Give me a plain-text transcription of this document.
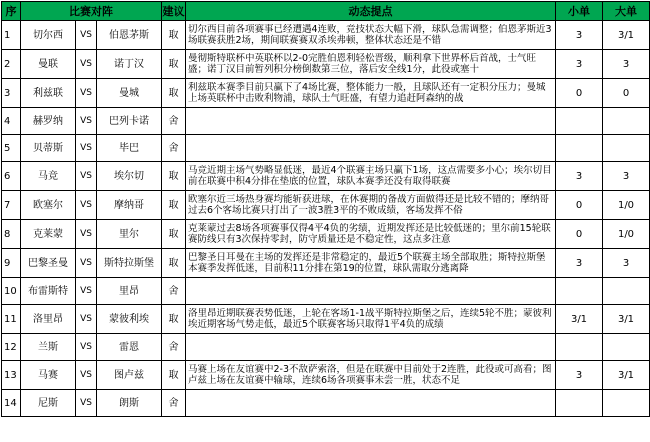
序	比赛对阵			建议	动态提点	小单	大单
1	切尔西	VS	伯恩茅斯	取	切尔西目前各项赛事已经遭遇4连败，竞技状态大幅下滑，球队急需调整；伯恩茅斯近3场联赛获胜2场，期间联赛赛双杀埃弗顿，整体状态还是不错	3	3/1
2	曼联	VS	诺丁汉	取	曼彻斯特联杯中英联杯以2-0完胜伯恩利轻松晋级，顺利拿下世界杯后首战，士气旺盛；诺丁汉目前暂列积分榜倒数第三位，落后安全线1分，此役或塞十	3	3
3	利兹联	VS	曼城	取	利兹联本赛季目前只赢下了4场比赛，整体能力一般，且球队还有一定积分压力；曼城上场英联杯中击败利物浦，球队士气旺盛，有望力追赶阿森纳的战	0	0
4	赫罗纳	VS	巴列卡诺	舍	

5	贝蒂斯	VS	毕巴	舍	

6	马竞	VS	埃尔切	取	马竞近期主场气势略显低迷，最近4个联赛主场只赢下1场，这点需要多小心；埃尔切目前在联赛中积4分排在垫底的位置，球队本赛季还没有取得联赛	3	3
7	欧塞尔	VS	摩纳哥	取	欧塞尔近三场热身赛均能斩获进球，在休赛期的备战方面做得还是比较不错的；摩纳哥过去6个客场比赛只打出了一波3胜3平的不败成绩，客场发挥不俗	0	1/0
8	克莱蒙	VS	里尔	取	克莱蒙过去8场各项赛事仅得4平4负的劣绩，近期发挥还是比较低迷的；里尔前15轮联赛防线只有3次保持零封，防守质量还是不稳定性，这点多注意	0	1/0
9	巴黎圣曼	VS	斯特拉斯堡	取	巴黎圣日耳曼在主场的发挥还是非常稳定的，最近5个联赛主场全部取胜；斯特拉斯堡本赛季发挥低迷，目前积11分排在第19的位置，球队需取分逃离降	3	3
10	布雷斯特	VS	里昂	舍	

11	洛里昂	VS	蒙彼利埃	取	洛里昂近期联赛表势低迷，上轮在客场1-1战平斯特拉斯堡之后，连续5轮不胜；蒙彼利埃近期客场气势走低，最近5个联赛客场只取得1平4负的成绩	3/1	3/1
12	兰斯	VS	雷恩	舍	

13	马赛	VS	图卢兹	取	马赛上场在友谊赛中2-3不敌萨索洛，但是在联赛中目前处于2连胜，此役或可高看；图卢兹上场在友谊赛中输球，连续6场各项赛事未尝一胜，状态不足	3	3/1
14	尼斯	VS	朗斯	舍	
